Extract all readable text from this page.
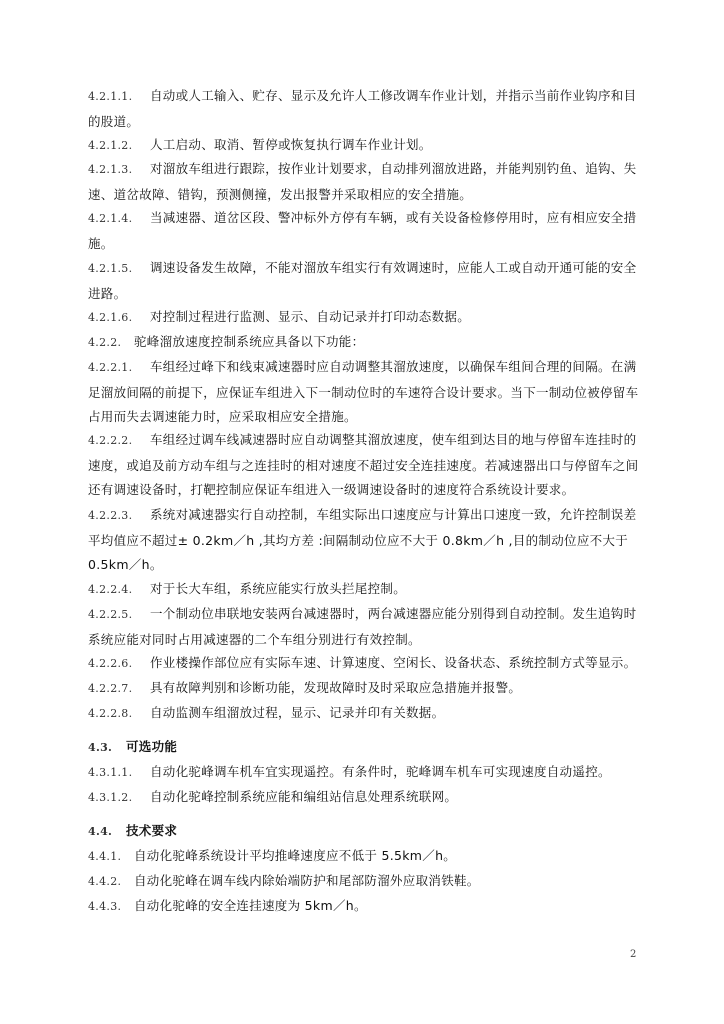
4.2.1.1. 自动或人工输入、贮存、显示及允许人工修改调车作业计划，并指示当前作业钩序和目的股道。
4.2.1.2. 人工启动、取消、暂停或恢复执行调车作业计划。
4.2.1.3. 对溜放车组进行跟踪，按作业计划要求，自动排列溜放进路，并能判别钓鱼、追钩、失速、道岔故障、错钩，预测侧撞，发出报警并采取相应的安全措施。
4.2.1.4. 当减速器、道岔区段、警冲标外方停有车辆，或有关设备检修停用时，应有相应安全措施。
4.2.1.5. 调速设备发生故障，不能对溜放车组实行有效调速时，应能人工或自动开通可能的安全进路。
4.2.1.6. 对控制过程进行监测、显示、自动记录并打印动态数据。
4.2.2. 驼峰溜放速度控制系统应具备以下功能：
4.2.2.1. 车组经过峰下和线束减速器时应自动调整其溜放速度，以确保车组间合理的间隔。在满足溜放间隔的前提下，应保证车组进入下一制动位时的车速符合设计要求。当下一制动位被停留车占用而失去调速能力时，应采取相应安全措施。
4.2.2.2. 车组经过调车线减速器时应自动调整其溜放速度，使车组到达目的地与停留车连挂时的速度，或追及前方动车组与之连挂时的相对速度不超过安全连挂速度。若减速器出口与停留车之间还有调速设备时，打靶控制应保证车组进入一级调速设备时的速度符合系统设计要求。
4.2.2.3. 系统对减速器实行自动控制，车组实际出口速度应与计算出口速度一致，允许控制误差平均值应不超过± 0.2km／h ,其均方差 :间隔制动位应不大于 0.8km／h ,目的制动位应不大于 0.5km／h。
4.2.2.4. 对于长大车组，系统应能实行放头拦尾控制。
4.2.2.5. 一个制动位串联地安装两台减速器时，两台减速器应能分别得到自动控制。发生追钩时系统应能对同时占用减速器的二个车组分别进行有效控制。
4.2.2.6. 作业楼操作部位应有实际车速、计算速度、空闲长、设备状态、系统控制方式等显示。
4.2.2.7. 具有故障判别和诊断功能，发现故障时及时采取应急措施并报警。
4.2.2.8. 自动监测车组溜放过程，显示、记录并印有关数据。
4.3. 可选功能
4.3.1.1. 自动化驼峰调车机车宜实现遥控。有条件时，驼峰调车机车可实现速度自动遥控。
4.3.1.2. 自动化驼峰控制系统应能和编组站信息处理系统联网。
4.4. 技术要求
4.4.1. 自动化驼峰系统设计平均推峰速度应不低于 5.5km／h。
4.4.2. 自动化驼峰在调车线内除始端防护和尾部防溜外应取消铁鞋。
4.4.3. 自动化驼峰的安全连挂速度为 5km／h。
2
